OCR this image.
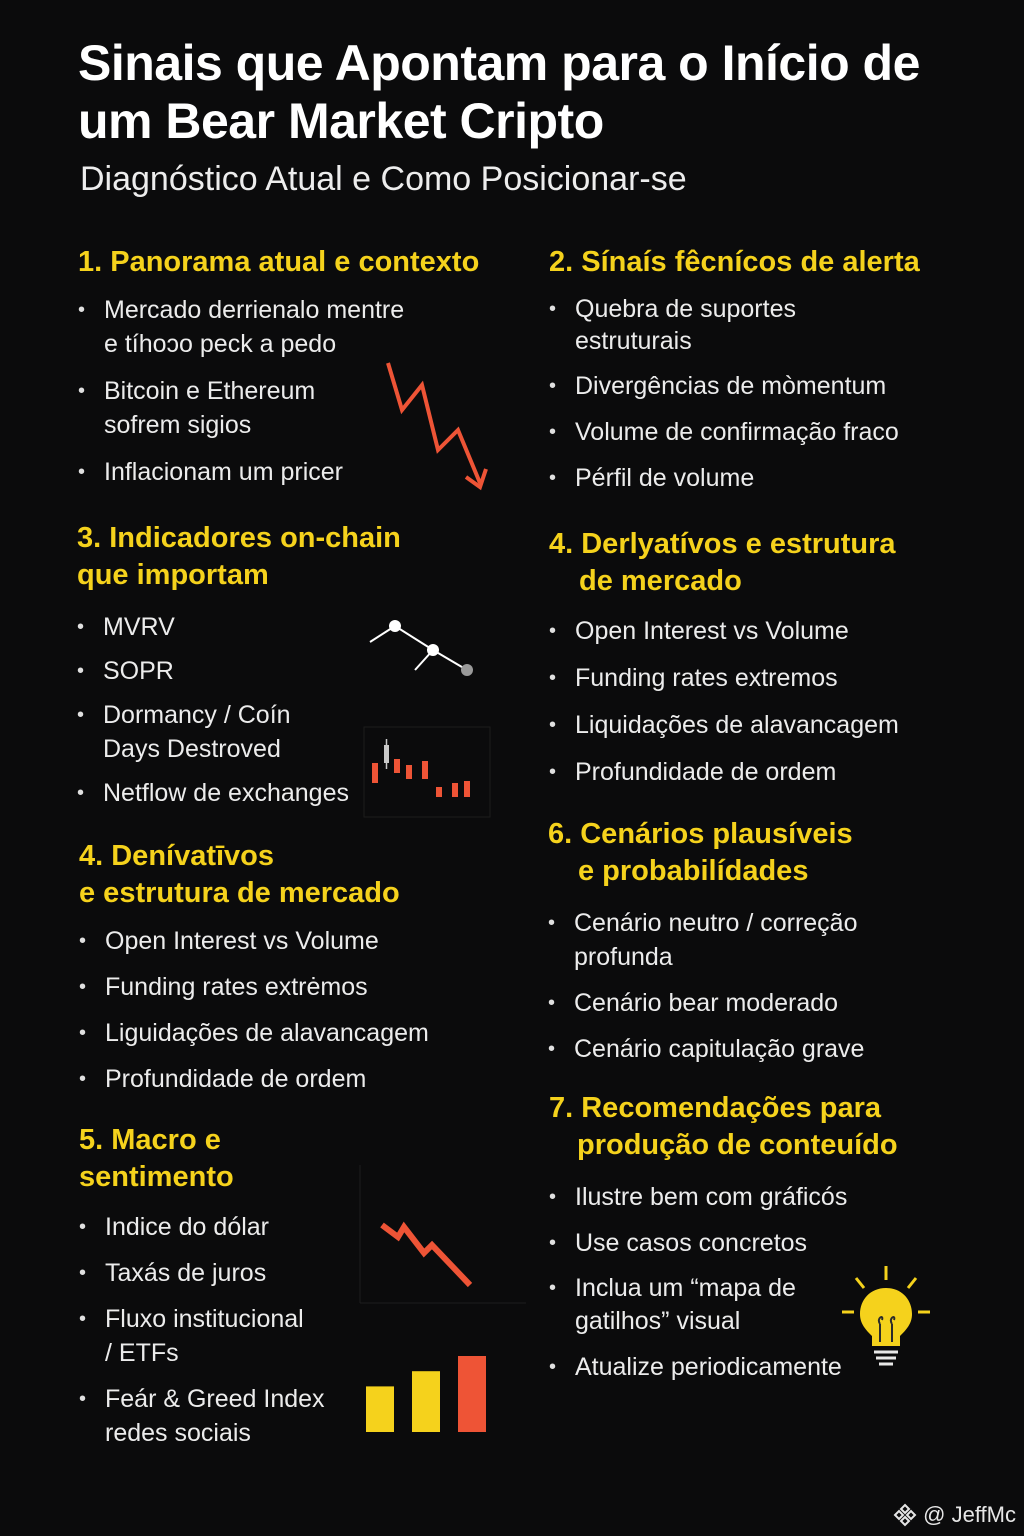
Sinais que Apontam para o Início de
um Bear Market Cripto
Diagnóstico Atual e Como Posicionar-se
1. Panorama atual e contexto
• Mercado derrienalo mentre
e tíhoɔo peck a pedo
• Bitcoin e Ethereum
sofrem sigios
• Inflacionam um pricer
2. Sínaís fêcnícos de alerta
• Quebra de suportes
estruturais
• Divergências de mòmentum
• Volume de confirmação fraco
• Pérfil de volume
3. Indicadores on-chain
que importam
• MVRV
• SOPR
• Dormancy / Coín
Days Destroved
• Netflow de exchanges
4. Derlyatívos e estrutura
de mercado
• Open Interest vs Volume
• Funding rates extremos
• Liquidações de alavancagem
• Profundidade de ordem
4. Denívatīvos
e estrutura de mercado
• Open Interest vs Volume
• Funding rates extrėmos
• Liguidações de alavancagem
• Profundidade de ordem
6. Cenários plausíveis
e probabilídades
• Cenário neutro / correção
profunda
• Cenário bear moderado
• Cenário capitulação grave
5. Macro e sentimento
• Indice do dólar
• Taxás de juros
• Fluxo institucional
/ ETFs
• Feár & Greed Index
redes sociais
7. Recomendações para
produção de conteuído
• Ilustre bem com gráficós
• Use casos concretos
• Inclua um “mapa de
gatilhos” visual
• Atualize periodicamente
@ JeffMc
